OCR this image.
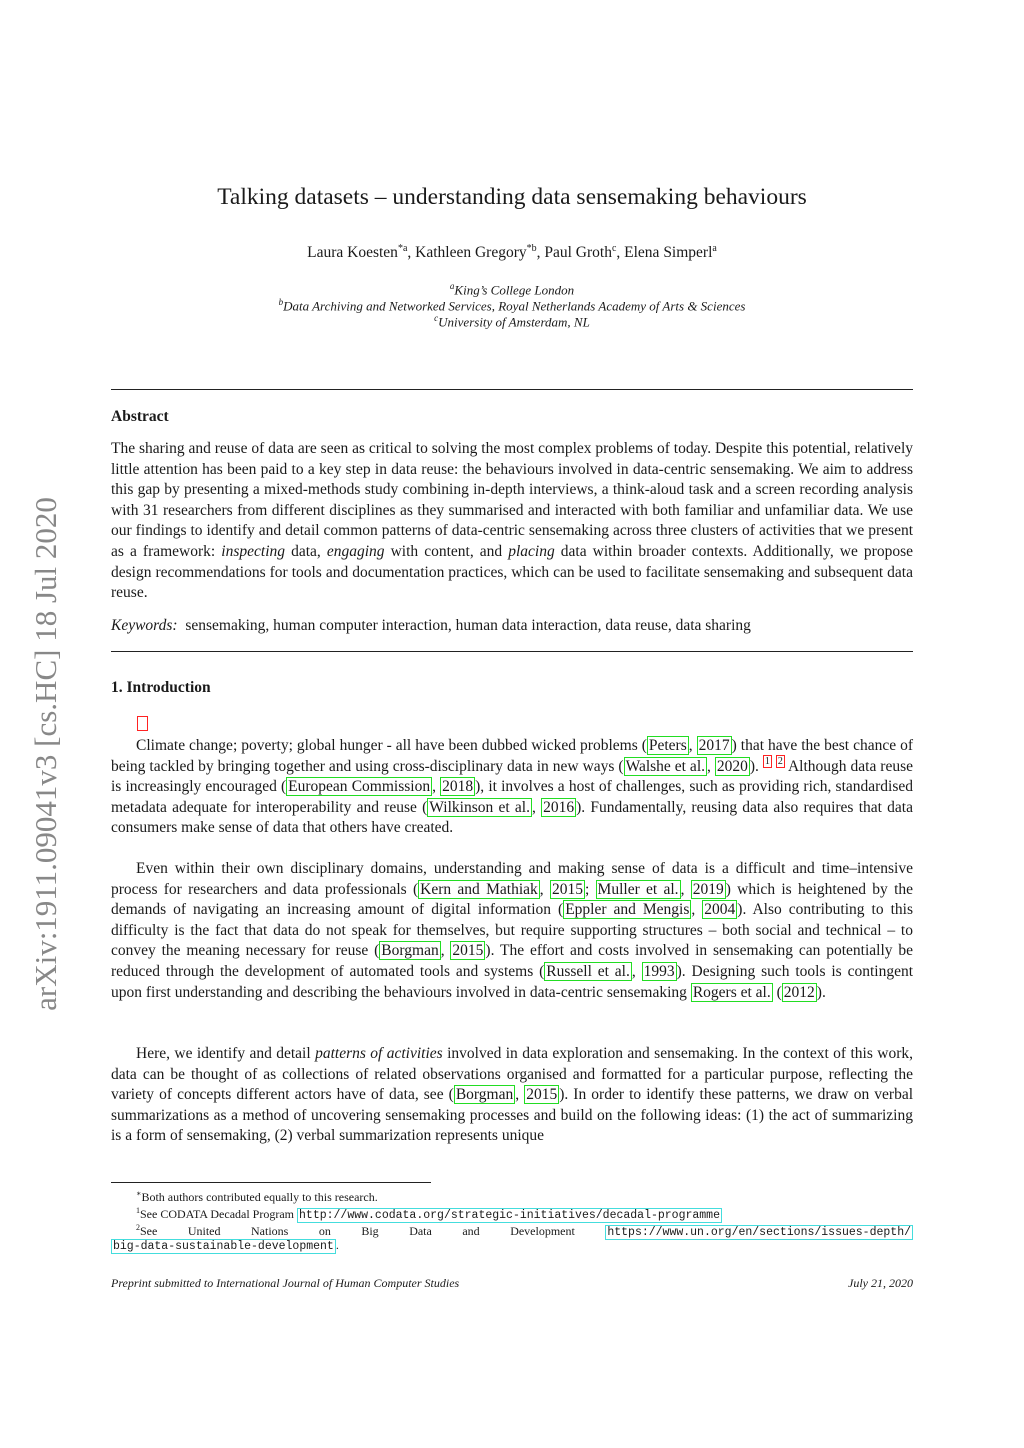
arXiv:1911.09041v3 [cs.HC] 18 Jul 2020
Talking datasets – understanding data sensemaking behaviours
Laura Koesten$^{*a}$, Kathleen Gregory$^{*b}$, Paul Groth$^c$, Elena Simperl$^a$
$^a$King’s College London
$^b$Data Archiving and Networked Services, Royal Netherlands Academy of Arts & Sciences
$^c$University of Amsterdam, NL
Abstract
The sharing and reuse of data are seen as critical to solving the most complex problems of today. Despite this potential, relatively little attention has been paid to a key step in data reuse: the behaviours involved in data-centric sensemaking. We aim to address this gap by presenting a mixed-methods study combining in-depth interviews, a think-aloud task and a screen recording analysis with 31 researchers from different disciplines as they summarised and interacted with both familiar and unfamiliar data. We use our findings to identify and detail common patterns of data-centric sensemaking across three clusters of activities that we present as a framework: inspecting data, engaging with content, and placing data within broader contexts. Additionally, we propose design recommendations for tools and documentation practices, which can be used to facilitate sensemaking and subsequent data reuse.
Keywords: sensemaking, human computer interaction, human data interaction, data reuse, data sharing
1. Introduction
Climate change; poverty; global hunger - all have been dubbed wicked problems ( Peters , 2017 ) that have the best chance of being tackled by bringing together and using cross-disciplinary data in new ways ( Walshe et al. , 2020 ). $^1$ $^2$ Although data reuse is increasingly encouraged ( European Commission , 2018 ), it involves a host of challenges, such as providing rich, standardised metadata adequate for interoperability and reuse ( Wilkinson et al. , 2016 ). Fundamentally, reusing data also requires that data consumers make sense of data that others have created.
Even within their own disciplinary domains, understanding and making sense of data is a difficult and time–intensive process for researchers and data professionals ( Kern and Mathiak , 2015 ; Muller et al. , 2019 ) which is heightened by the demands of navigating an increasing amount of digital information ( Eppler and Mengis , 2004 ). Also contributing to this difficulty is the fact that data do not speak for themselves, but require supporting structures – both social and technical – to convey the meaning necessary for reuse ( Borgman , 2015 ). The effort and costs involved in sensemaking can potentially be reduced through the development of automated tools and systems ( Russell et al. , 1993 ). Designing such tools is contingent upon first understanding and describing the behaviours involved in data-centric sensemaking Rogers et al. ( 2012 ).
Here, we identify and detail patterns of activities involved in data exploration and sensemaking. In the context of this work, data can be thought of as collections of related observations organised and formatted for a particular purpose, reflecting the variety of concepts different actors have of data, see ( Borgman , 2015 ). In order to identify these patterns, we draw on verbal summarizations as a method of uncovering sensemaking processes and build on the following ideas: (1) the act of summarizing is a form of sensemaking, (2) verbal summarization represents unique
∗Both authors contributed equally to this research.
$^1$See CODATA Decadal Program http://www.codata.org/strategic-initiatives/decadal-programme
$^2$See United Nations on Big Data and Development https://www.un.org/en/sections/issues-depth/
big-data-sustainable-development .
Preprint submitted to International Journal of Human Computer Studies	July 21, 2020
